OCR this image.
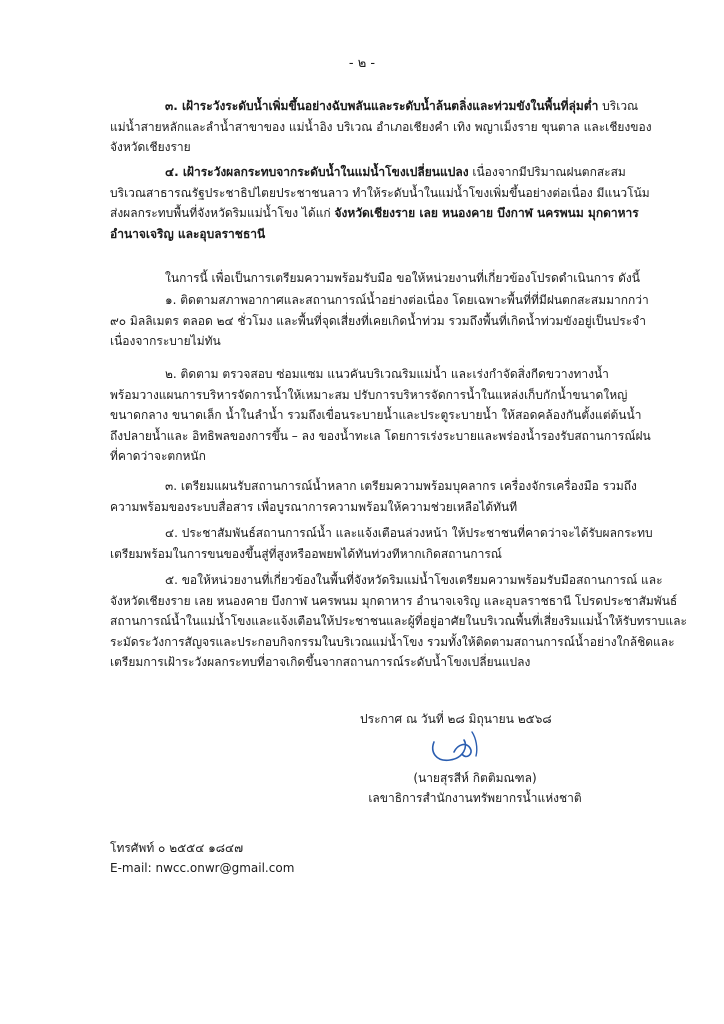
- ๒ -
๓. เฝ้าระวังระดับน้ำเพิ่มขึ้นอย่างฉับพลันและระดับน้ำล้นตลิ่งและท่วมขังในพื้นที่ลุ่มต่ำ บริเวณ
แม่น้ำสายหลักและลำน้ำสาขาของ แม่น้ำอิง บริเวณ อำเภอเชียงคำ เทิง พญาเม็งราย ขุนตาล และเชียงของ
จังหวัดเชียงราย
๔. เฝ้าระวังผลกระทบจากระดับน้ำในแม่น้ำโขงเปลี่ยนแปลง เนื่องจากมีปริมาณฝนตกสะสม
บริเวณสาธารณรัฐประชาธิปไตยประชาชนลาว ทำให้ระดับน้ำในแม่น้ำโขงเพิ่มขึ้นอย่างต่อเนื่อง มีแนวโน้ม
ส่งผลกระทบพื้นที่จังหวัดริมแม่น้ำโขง ได้แก่ จังหวัดเชียงราย เลย หนองคาย บึงกาฬ นครพนม มุกดาหาร
อำนาจเจริญ และอุบลราชธานี
ในการนี้ เพื่อเป็นการเตรียมความพร้อมรับมือ ขอให้หน่วยงานที่เกี่ยวข้องโปรดดำเนินการ ดังนี้
๑. ติดตามสภาพอากาศและสถานการณ์น้ำอย่างต่อเนื่อง โดยเฉพาะพื้นที่ที่มีฝนตกสะสมมากกว่า
๙๐ มิลลิเมตร ตลอด ๒๔ ชั่วโมง และพื้นที่จุดเสี่ยงที่เคยเกิดน้ำท่วม รวมถึงพื้นที่เกิดน้ำท่วมขังอยู่เป็นประจำ
เนื่องจากระบายไม่ทัน
๒. ติดตาม ตรวจสอบ ซ่อมแซม แนวคันบริเวณริมแม่น้ำ และเร่งกำจัดสิ่งกีดขวางทางน้ำ
พร้อมวางแผนการบริหารจัดการน้ำให้เหมาะสม ปรับการบริหารจัดการน้ำในแหล่งเก็บกักน้ำขนาดใหญ่
ขนาดกลาง ขนาดเล็ก น้ำในลำน้ำ รวมถึงเขื่อนระบายน้ำและประตูระบายน้ำ ให้สอดคล้องกันตั้งแต่ต้นน้ำ
ถึงปลายน้ำและ อิทธิพลของการขึ้น – ลง ของน้ำทะเล โดยการเร่งระบายและพร่องน้ำรองรับสถานการณ์ฝน
ที่คาดว่าจะตกหนัก
๓. เตรียมแผนรับสถานการณ์น้ำหลาก เตรียมความพร้อมบุคลากร เครื่องจักรเครื่องมือ รวมถึง
ความพร้อมของระบบสื่อสาร เพื่อบูรณาการความพร้อมให้ความช่วยเหลือได้ทันที
๔. ประชาสัมพันธ์สถานการณ์น้ำ และแจ้งเตือนล่วงหน้า ให้ประชาชนที่คาดว่าจะได้รับผลกระทบ
เตรียมพร้อมในการขนของขึ้นสู่ที่สูงหรืออพยพได้ทันท่วงทีหากเกิดสถานการณ์
๕. ขอให้หน่วยงานที่เกี่ยวข้องในพื้นที่จังหวัดริมแม่น้ำโขงเตรียมความพร้อมรับมือสถานการณ์ และ
จังหวัดเชียงราย เลย หนองคาย บึงกาฬ นครพนม มุกดาหาร อำนาจเจริญ และอุบลราชธานี โปรดประชาสัมพันธ์
สถานการณ์น้ำในแม่น้ำโขงและแจ้งเตือนให้ประชาชนและผู้ที่อยู่อาศัยในบริเวณพื้นที่เสี่ยงริมแม่น้ำให้รับทราบและ
ระมัดระวังการสัญจรและประกอบกิจกรรมในบริเวณแม่น้ำโขง รวมทั้งให้ติดตามสถานการณ์น้ำอย่างใกล้ชิดและ
เตรียมการเฝ้าระวังผลกระทบที่อาจเกิดขึ้นจากสถานการณ์ระดับน้ำโขงเปลี่ยนแปลง
ประกาศ ณ วันที่ ๒๘ มิถุนายน ๒๕๖๘
(นายสุรสีห์ กิตติมณฑล)
เลขาธิการสำนักงานทรัพยากรน้ำแห่งชาติ
โทรศัพท์ ๐ ๒๕๕๔ ๑๘๔๗
E-mail: nwcc.onwr@gmail.com
